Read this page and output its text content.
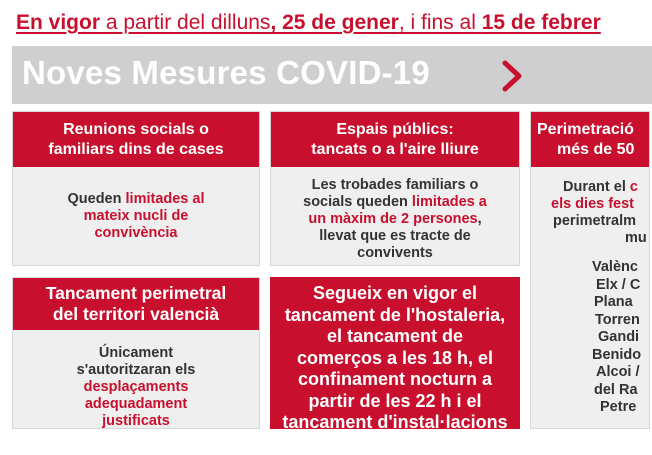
En vigor a partir del dilluns, 25 de gener, i fins al 15 de febrer
Noves Mesures COVID-19
Reunions socials o
familiars dins de cases
Queden limitades al
mateix nucli de
convivència
Espais públics:
tancats o a l'aire lliure
Les trobades familiars o
socials queden limitades a
un màxim de 2 persones,
llevat que es tracte de
convivents
Perimetració
més de 50
Durant el c
els dies fest
perimetralm
mu
Valènc
Elx / C
Plana
Torren
Gandi
Benido
Alcoi /
del Ra
Petre
Tancament perimetral
del territori valencià
Únicament
s'autoritzaran els
desplaçaments
adequadament
justificats
Segueix en vigor el
tancament de l'hostaleria,
el tancament de
comerços a les 18 h, el
confinament nocturn a
partir de les 22 h i el
tancament d'instal·lacions
esportives
